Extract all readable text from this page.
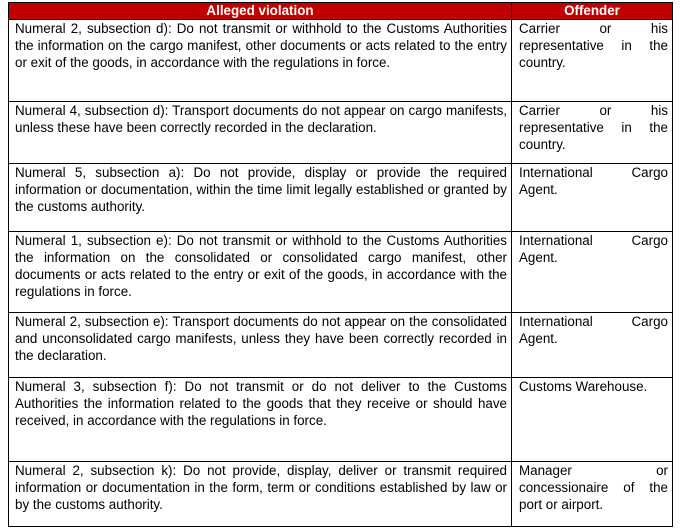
Alleged violation	Offender
Numeral 2, subsection d): Do not transmit or withhold to the Customs Authorities the information on the cargo manifest, other documents or acts related to the entry or exit of the goods, in accordance with the regulations in force.	Carrier or his representative in the country.
Numeral 4, subsection d): Transport documents do not appear on cargo manifests, unless these have been correctly recorded in the declaration.	Carrier or his representative in the country.
Numeral 5, subsection a): Do not provide, display or provide the required information or documentation, within the time limit legally established or granted by the customs authority.	International Cargo Agent.
Numeral 1, subsection e): Do not transmit or withhold to the Customs Authorities the information on the consolidated or consolidated cargo manifest, other documents or acts related to the entry or exit of the goods, in accordance with the regulations in force.	International Cargo Agent.
Numeral 2, subsection e): Transport documents do not appear on the consolidated and unconsolidated cargo manifests, unless they have been correctly recorded in the declaration.	International Cargo Agent.
Numeral 3, subsection f): Do not transmit or do not deliver to the Customs Authorities the information related to the goods that they receive or should have received, in accordance with the regulations in force.	Customs Warehouse.
Numeral 2, subsection k): Do not provide, display, deliver or transmit required information or documentation in the form, term or conditions established by law or by the customs authority.	Manager or concessionaire of the port or airport.
